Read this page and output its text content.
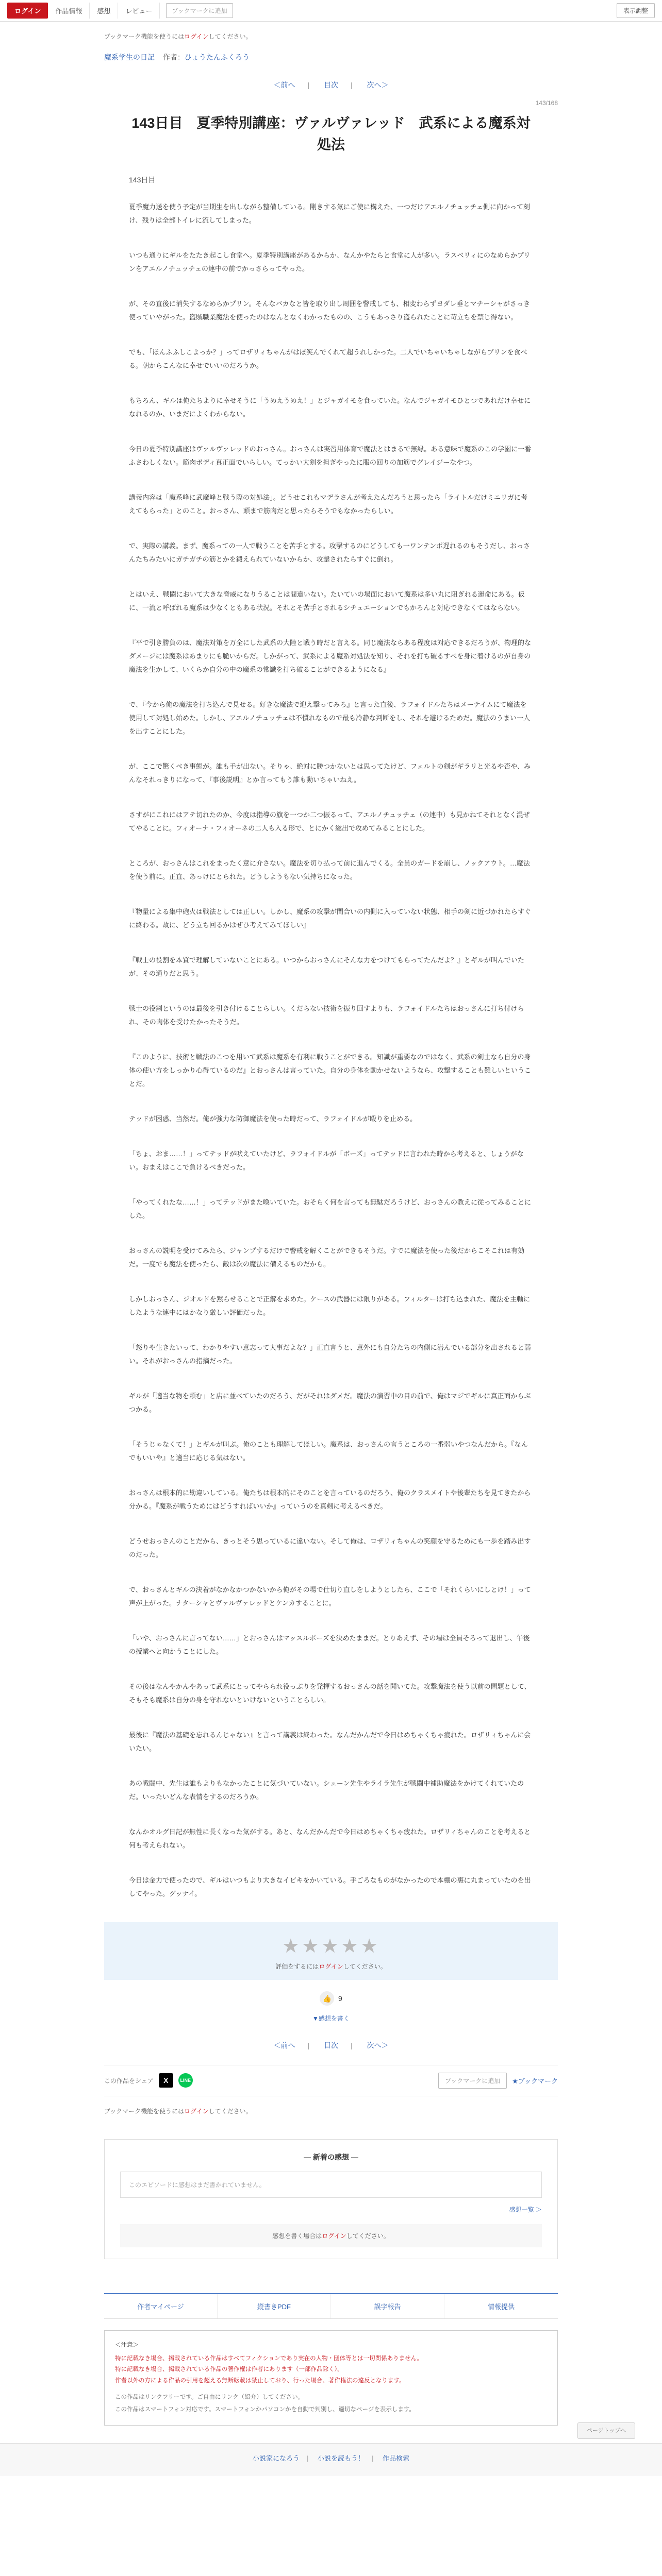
ログイン	作品情報	感想	レビュー	ブックマークに追加	表示調整
ブックマーク機能を使うにはログインしてください。
魔系学生の日記 作者：ひょうたんふくろう
＜前へ | 目次 | 次へ＞
143/168
143日目　夏季特別講座：ヴァルヴァレッド　武系による魔系対処法
143日目

夏季魔力送を使う予定が当期生を出しながら整備している。剛きする気にご使に構えた、一つだけアエルノチュッチェ側に向かって刻け、残りは全部トイレに流してしまった。

いつも通りにギルをたたき起こし食堂へ。夏季特別講座があるからか、なんかやたらと食堂に人が多い。ラスベリィにのなめらかプリンをアエルノチュッチェの連中の前でかっさらってやった。

が、その直後に消失するなめらかプリン。そんなバカなと皆を取り出し周囲を警戒しても、相変わらずヨダレ垂とマチーシャがさっき使っていやがった。盗賊職業魔法を使ったのはなんとなくわかったものの、こうもあっさり盗られたことに苛立ちを禁じ得ない。

でも、「ほんふふしこよっか？」ってロザリィちゃんがはぼ笑んでくれて超うれしかった。二人でいちゃいちゃしながらプリンを食べる。朝からこんなに幸せでいいのだろうか。

もちろん、ギルは俺たちよりに幸せそうに「うめえうめえ！」とジャガイモを食っていた。なんでジャガイモひとつであれだけ幸せになれるのか、いまだによくわからない。

今日の夏季特別講座はヴァルヴァレッドのおっさん。おっさんは実習用体育で魔法とはまるで無縁。ある意味で魔系のこの学園に一番ふさわしくない。筋肉ボディ真正面でいらしい。てっかい大剣を担ぎやったに服の回りの加筋でグレイジーなやつ。

講義内容は「魔系峰に武魔峰と戦う際の対処法」。どうせこれもマデラさんが考えたんだろうと思ったら「ライトルだけミニリガに考えてもらった」とのこと。おっさん、頭まで筋肉だと思ったらそうでもなかったらしい。

で、実際の講義。まず、魔系っての一人で戦うことを苦手とする。攻撃するのにどうしても一ワンテンポ遅れるのもそうだし、おっさんたちみたいにガチガチの筋とかを鍛えられていないからか、攻撃されたらすぐに倒れ。

とはいえ、戦闘において大きな脅威になりうることは間違いない。たいていの場面において魔系は多い丸に阻ぎれる運命にある。仮に、一流と呼ばれる魔系は少なくともある状況。それとそ苦手とされるシチュエーションでもかろんと対応できなくてはならない。

『平で引き勝負のは、魔法対策を万全にした武系の大陸と戦う時だと言える。同じ魔法ならある程度は対応できるだろうが、物理的なダメージには魔系はあまりにも脆いからだ。しかがって、武系による魔系対処法を知り、それを打ち破るすべを身に着けるのが自身の魔法を生かして、いくらか自分の中の魔系の常識を打ち破ることができるようになる』

で、『今から俺の魔法を打ち込んで見せる。好きな魔法で迎え撃ってみろ』と言った直後、ラフォイドルたちはメーテイムにて魔法を使用して対処し始めた。しかし、アエルノチュッチェは不慣れなもので最も冷静な判断をし、それを避けるためだ。魔法のうまい一人を出すことにした。

が、ここで驚くべき事態が。誰も手が出ない。そりゃ、絶対に勝つかないとは思ってたけど、フェルトの剣がギラリと光るや否や、みんなそれっきりになって、『事後説明』とか言ってもう誰も動いちゃいねえ。

さすがにこれにはアテ切れたのか、今度は指導の旗を一つか二つ振るって、アエルノチュッチェ（の連中）も見かねてそれとなく混ぜてやることに。フィオーナ・フィオーネの二人も入る形で、とにかく総出で攻めてみることにした。

ところが、おっさんはこれをまったく意に介さない。魔法を切り払って前に進んでくる。全員のガードを崩し、ノックアウト。…魔法を使う前に。正直、あっけにとられた。どうしようもない気持ちになった。

『物量による集中砲火は戦法としては正しい。しかし、魔系の攻撃が間合いの内側に入っていない状態、相手の剣に近づかれたらすぐに終わる。故に、どう立ち回るかはぜひ考えてみてほしい』

『戦士の役割を本質で理解していないことにある。いつからおっさんにそんな力をつけてもらってたんだよ？』とギルが叫んでいたが、その通りだと思う。

戦士の役割というのは最後を引き付けることらしい。くだらない技術を振り回すよりも、ラフォイドルたちはおっさんに打ち付けられ、その肉体を受けたかったそうだ。

『このように、技術と戦法のこつを用いて武系は魔系を有利に戦うことができる。知識が重要なのではなく、武系の剣士なら自分の身体の使い方をしっかり心得ているのだ』とおっさんは言っていた。自分の身体を動かせないようなら、攻撃することも難しいということだ。

テッドが困惑、当然だ。俺が強力な防御魔法を使った時だって、ラフォイドルが殴りを止める。

「ちょ、おま……！」ってテッドが吠えていたけど、ラフォイドルが「ボーズ」ってテッドに言われた時から考えると、しょうがない。おまえはここで負けるべきだった。

「やってくれたな……！」ってテッドがまた喚いていた。おそらく何を言っても無駄だろうけど、おっさんの教えに従ってみることにした。

おっさんの説明を受けてみたら、ジャンプするだけで警戒を解くことができるそうだ。すでに魔法を使った後だからこそこれは有効だ。一度でも魔法を使ったら、敵は次の魔法に備えるものだから。

しかしおっさん、ジオルドを黙らせることで正解を求めた。ケースの武器には限りがある。フィルターは打ち込まれた、魔法を主軸にしたような連中にはかなり厳しい評価だった。

「怒りや生きたいって、わかりやすい意志って大事だよな？」正直言うと、意外にも自分たちの内側に潜んでいる部分を出されると弱い。それがおっさんの指摘だった。

ギルが「適当な物を頼む」と店に並べていたのだろう、だがそれはダメだ。魔法の演習中の目の前で、俺はマジでギルに真正面からぶつかる。

「そうじゃなくて！」とギルが叫ぶ。俺のことも理解してほしい。魔系は、おっさんの言うところの一番弱いやつなんだから。『なんでもいいや』と適当に応じる気はない。

おっさんは根本的に勘違いしている。俺たちは根本的にそのことを言っているのだろう、俺のクラスメイトや後輩たちを見てきたから分かる。『魔系が戦うためにはどうすればいいか』っていうのを真剣に考えるべきだ。

どうせおっさんのことだから、きっとそう思っているに違いない。そして俺は、ロザリィちゃんの笑顔を守るためにも一歩を踏み出すのだった。

で、おっさんとギルの決着がなかなかつかないから俺がその場で仕切り直しをしようとしたら、ここで「それくらいにしとけ！」って声が上がった。ナターシャとヴァルヴァレッドとケンカすることに。

「いや、おっさんに言ってない……」とおっさんはマッスルポーズを決めたままだ。とりあえず、その場は全員そろって退出し、午後の授業へと向かうことにした。

その後はなんやかんやあって武系にとってやらられ役っぷりを発揮するおっさんの話を聞いてた。攻撃魔法を使う以前の問題として、そもそも魔系は自分の身を守れないといけないということらしい。

最後に『魔法の基礎を忘れるんじゃない』と言って講義は終わった。なんだかんだで今日はめちゃくちゃ疲れた。ロザリィちゃんに会いたい。

あの戦闘中、先生は誰もよりもなかったことに気づいていない。シューン先生やライラ先生が戦闘中補助魔法をかけてくれていたのだ。いったいどんな表情をするのだろうか。

なんかオルグ日記が無性に長くなった気がする。あと、なんだかんだで今日はめちゃくちゃ疲れた。ロザリィちゃんのことを考えると何も考えられない。

今日は金力で使ったので、ギルはいつもより大きなイビキをかいている。手ごろなものがなかったので本棚の裏に丸まっていたのを出してやった。グッナイ。

ページトップへ
★★★★★
評価をするにはログインしてください。
👍 9
▼感想を書く
＜前へ | 目次 | 次へ＞
この作品をシェア	X	LINE	ブックマークに追加	★ブックマーク
ブックマーク機能を使うにはログインしてください。
― 新着の感想 ―
このエピソードに感想はまだ書かれていません。
感想一覧 ＞
感想を書く場合はログインしてください。
作者マイページ	縦書きPDF	誤字報告	情報提供
＜注意＞
特に記載なき場合、掲載されている作品はすべてフィクションであり実在の人物・団体等とは一切関係ありません。
特に記載なき場合、掲載されている作品の著作権は作者にあります（一部作品除く）。
作者以外の方による作品の引用を超える無断転載は禁止しており、行った場合、著作権法の違反となります。
この作品はリンクフリーです。ご自由にリンク（紹介）してください。
この作品はスマートフォン対応です。スマートフォンかパソコンかを自動で判別し、適切なページを表示します。
小説家になろう | 小説を読もう！ | 作品検索
